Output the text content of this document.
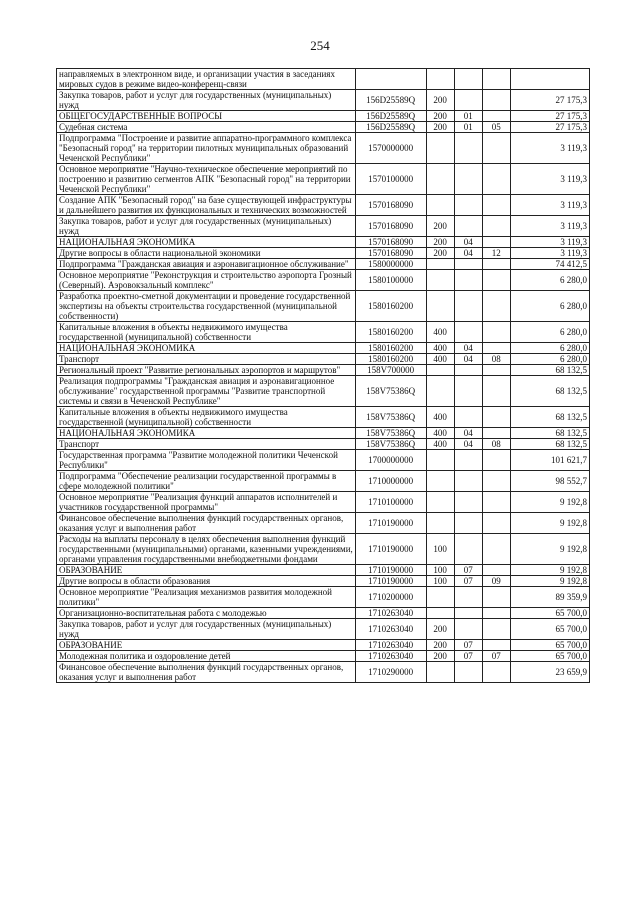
254
направляемых в электронном виде, и организации участия в заседаниях мировых судов в режиме видео-конференц-связи					
Закупка товаров, работ и услуг для государственных (муниципальных) нужд	156D25589Q	200			27 175,3
ОБЩЕГОСУДАРСТВЕННЫЕ ВОПРОСЫ	156D25589Q	200	01		27 175,3
Судебная система	156D25589Q	200	01	05	27 175,3
Подпрограмма "Построение и развитие аппаратно-программного комплекса "Безопасный город" на территории пилотных муниципальных образований Чеченской Республики"	1570000000				3 119,3
Основное мероприятие "Научно-техническое обеспечение мероприятий по построению и развитию сегментов АПК "Безопасный город" на территории Чеченской Республики"	1570100000				3 119,3
Создание АПК "Безопасный город" на базе существующей инфраструктуры и дальнейшего развития их функциональных и технических возможностей	1570168090				3 119,3
Закупка товаров, работ и услуг для государственных (муниципальных) нужд	1570168090	200			3 119,3
НАЦИОНАЛЬНАЯ ЭКОНОМИКА	1570168090	200	04		3 119,3
Другие вопросы в области национальной экономики	1570168090	200	04	12	3 119,3
Подпрограмма "Гражданская авиация и аэронавигационное обслуживание"	1580000000				74 412,5
Основное мероприятие "Реконструкция и строительство аэропорта Грозный (Северный). Аэровокзальный комплекс"	1580100000				6 280,0
Разработка проектно-сметной документации и проведение государственной экспертизы на объекты строительства государственной (муниципальной собственности)	1580160200				6 280,0
Капитальные вложения в объекты недвижимого имущества государственной (муниципальной) собственности	1580160200	400			6 280,0
НАЦИОНАЛЬНАЯ ЭКОНОМИКА	1580160200	400	04		6 280,0
Транспорт	1580160200	400	04	08	6 280,0
Региональный проект "Развитие региональных аэропортов и маршрутов"	158V700000				68 132,5
Реализация подпрограммы "Гражданская авиация и аэронавигационное обслуживание" государственной программы "Развитие транспортной системы и связи в Чеченской Республике"	158V75386Q				68 132,5
Капитальные вложения в объекты недвижимого имущества государственной (муниципальной) собственности	158V75386Q	400			68 132,5
НАЦИОНАЛЬНАЯ ЭКОНОМИКА	158V75386Q	400	04		68 132,5
Транспорт	158V75386Q	400	04	08	68 132,5
Государственная программа "Развитие молодежной политики Чеченской Республики"	1700000000				101 621,7
Подпрограмма "Обеспечение реализации государственной программы в сфере молодежной политики"	1710000000				98 552,7
Основное мероприятие "Реализация функций аппаратов исполнителей и участников государственной программы"	1710100000				9 192,8
Финансовое обеспечение выполнения функций государственных органов, оказания услуг и выполнения работ	1710190000				9 192,8
Расходы на выплаты персоналу в целях обеспечения выполнения функций государственными (муниципальными) органами, казенными учреждениями, органами управления государственными внебюджетными фондами	1710190000	100			9 192,8
ОБРАЗОВАНИЕ	1710190000	100	07		9 192,8
Другие вопросы в области образования	1710190000	100	07	09	9 192,8
Основное мероприятие "Реализация механизмов развития молодежной политики"	1710200000				89 359,9
Организационно-воспитательная работа с молодежью	1710263040				65 700,0
Закупка товаров, работ и услуг для государственных (муниципальных) нужд	1710263040	200			65 700,0
ОБРАЗОВАНИЕ	1710263040	200	07		65 700,0
Молодежная политика и оздоровление детей	1710263040	200	07	07	65 700,0
Финансовое обеспечение выполнения функций государственных органов, оказания услуг и выполнения работ	1710290000				23 659,9
